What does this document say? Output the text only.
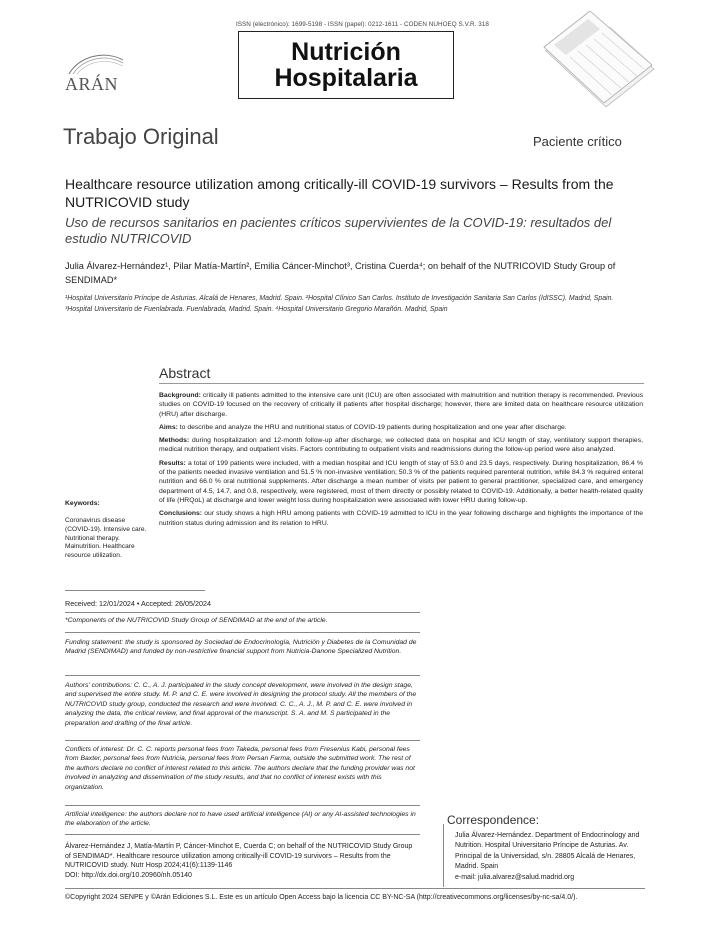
ISSN (electrónico): 1699-5198 - ISSN (papel): 0212-1611 - CODEN NUHOEQ S.V.R. 318
ARÁN
Nutrición
Hospitalaria
Trabajo Original	Paciente crítico
Healthcare resource utilization among critically-ill COVID-19 survivors – Results from the NUTRICOVID study
Uso de recursos sanitarios en pacientes críticos supervivientes de la COVID-19: resultados del estudio NUTRICOVID
Julia Álvarez-Hernández¹, Pilar Matía-Martín², Emilia Cáncer-Minchot³, Cristina Cuerda⁴; on behalf of the NUTRICOVID Study Group of SENDIMAD*
¹Hospital Universitario Príncipe de Asturias. Alcalá de Henares, Madrid. Spain. ²Hospital Clínico San Carlos. Instituto de Investigación Sanitaria San Carlos (IdISSC). Madrid, Spain. ³Hospital Universitario de Fuenlabrada. Fuenlabrada, Madrid. Spain. ⁴Hospital Universitario Gregorio Marañón. Madrid, Spain
Abstract

Background: critically ill patients admitted to the intensive care unit (ICU) are often associated with malnutrition and nutrition therapy is recommended. Previous studies on COVID-19 focused on the recovery of critically ill patients after hospital discharge; however, there are limited data on healthcare resource utilization (HRU) after discharge.

Aims: to describe and analyze the HRU and nutritional status of COVID-19 patients during hospitalization and one year after discharge.

Methods: during hospitalization and 12-month follow-up after discharge, we collected data on hospital and ICU length of stay, ventilatory support therapies, medical nutrition therapy, and outpatient visits. Factors contributing to outpatient visits and readmissions during the follow-up period were also analyzed.

Results: a total of 199 patients were included, with a median hospital and ICU length of stay of 53.0 and 23.5 days, respectively. During hospitalization, 86.4 % of the patients needed invasive ventilation and 51.5 % non-invasive ventilation; 50.3 % of the patients required parenteral nutrition, while 84.3 % required enteral nutrition and 66.0 % oral nutritional supplements. After discharge a mean number of visits per patient to general practitioner, specialized care, and emergency department of 4.5, 14.7, and 0.8, respectively, were registered, most of them directly or possibly related to COVID-19. Additionally, a better health-related quality of life (HRQoL) at discharge and lower weight loss during hospitalization were associated with lower HRU during follow-up.

Conclusions: our study shows a high HRU among patients with COVID-19 admitted to ICU in the year following discharge and highlights the importance of the nutrition status during admission and its relation to HRU.

Keywords:
Coronavirus disease (COVID-19). Intensive care. Nutritional therapy. Malnutrition. Healthcare resource utilization.
Received: 12/01/2024 • Accepted: 26/05/2024
*Components of the NUTRICOVID Study Group of SENDIMAD at the end of the article.
Funding statement: the study is sponsored by Sociedad de Endocrinología, Nutrición y Diabetes de la Comunidad de Madrid (SENDIMAD) and funded by non-restrictive financial support from Nutricia-Danone Specialized Nutrition.
Authors' contributions: C. C., A. J. participated in the study concept development, were involved in the design stage, and supervised the entire study. M. P. and C. E. were involved in designing the protocol study. All the members of the NUTRICOVID study group, conducted the research and were involved. C. C., A. J., M. P. and C. E. were involved in analyzing the data, the critical review, and final approval of the manuscript. S. A. and M. S participated in the preparation and drafting of the final article.
Conflicts of interest: Dr. C. C. reports personal fees from Takeda, personal fees from Fresenius Kabi, personal fees from Baxter, personal fees from Nutricia, personal fees from Persan Farma, outside the submitted work. The rest of the authors declare no conflict of interest related to this article. The authors declare that the funding provider was not involved in analyzing and dissemination of the study results, and that no conflict of interest exists with this organization.
Artificial intelligence: the authors declare not to have used artificial intelligence (AI) or any AI-assisted technologies in the elaboration of the article.
Álvarez-Hernández J, Matía-Martín P, Cáncer-Minchot E, Cuerda C; on behalf of the NUTRICOVID Study Group of SENDIMAD*. Healthcare resource utilization among critically-ill COVID-19 survivors – Results from the NUTRICOVID study. Nutr Hosp 2024;41(6):1139-1146
DOI: http://dx.doi.org/10.20960/nh.05140
Correspondence:
Julia Álvarez-Hernández. Department of Endocrinology and Nutrition. Hospital Universitario Príncipe de Asturias. Av. Principal de la Universidad, s/n. 28805 Alcalá de Henares, Madrid. Spain
e-mail: julia.alvarez@salud.madrid.org
©Copyright 2024 SENPE y ©Arán Ediciones S.L. Este es un artículo Open Access bajo la licencia CC BY-NC-SA (http://creativecommons.org/licenses/by-nc-sa/4.0/).
